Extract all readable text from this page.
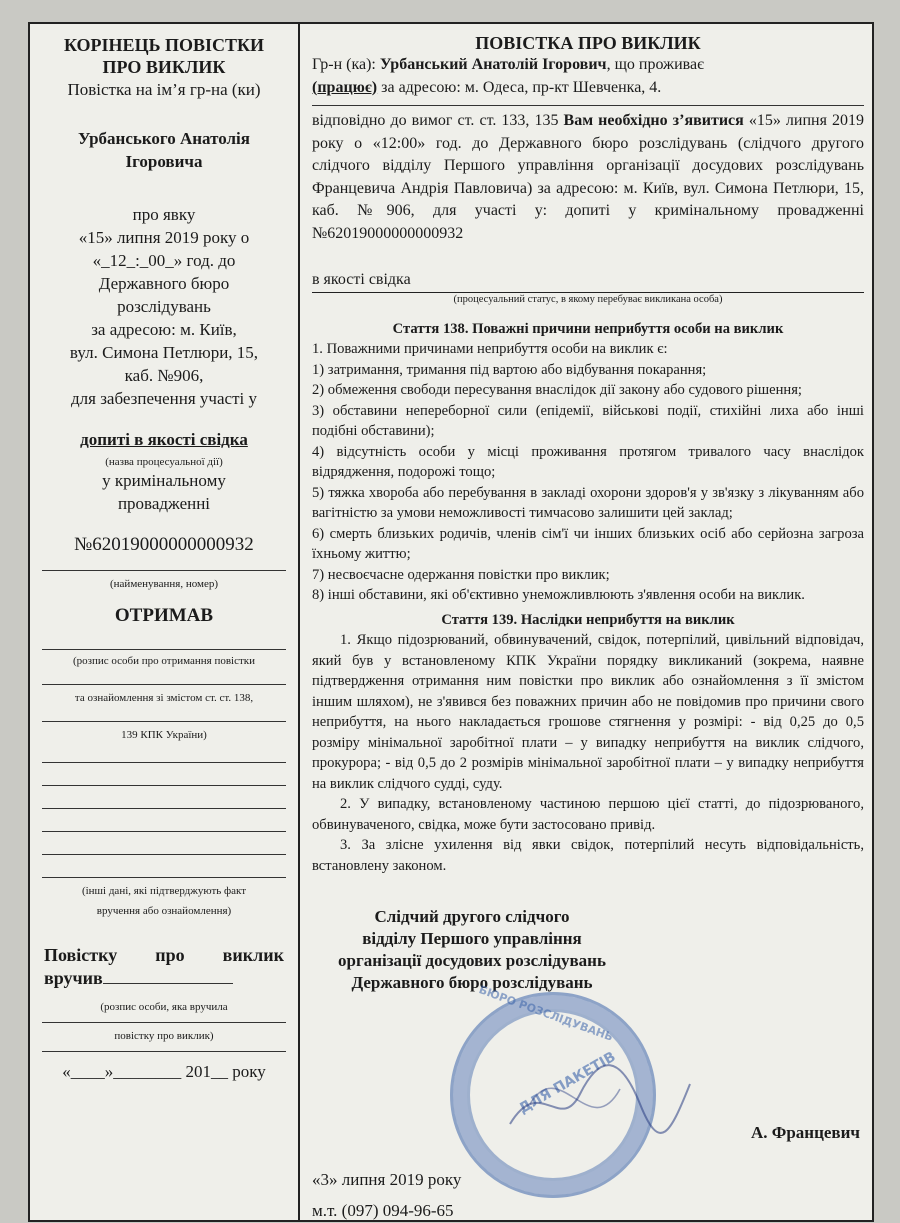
КОРІНЕЦЬ ПОВІСТКИ
ПРО ВИКЛИК
Повістка на ім’я гр-на (ки)
Урбанського Анатолія
Ігоровича
про явку
«15» липня 2019 року о
«_12_:_00_» год. до
Державного бюро
розслідувань
за адресою: м. Київ,
вул. Симона Петлюри, 15,
каб. №906,
для забезпечення участі у
допиті в якості свідка
(назва процесуальної дії)
у кримінальному
провадженні
№62019000000000932
(найменування, номер)
ОТРИМАВ
(розпис особи про отримання повістки
та ознайомлення зі змістом ст. ст. 138,
139 КПК України)
(інші дані, які підтверджують факт
вручення або ознайомлення)
Повістку про виклик
вручив
(розпис особи, яка вручила
повістку про виклик)
«____»________ 201__ року
ПОВІСТКА ПРО ВИКЛИК

Гр-н (ка): Урбанський Анатолій Ігорович, що проживає

(працює) за адресою: м. Одеса, пр-кт Шевченка, 4.

відповідно до вимог ст. ст. 133, 135 Вам необхідно з’явитися «15» липня 2019 року о «12:00» год. до Державного бюро розслідувань (слідчого другого слідчого відділу Першого управління організації досудових розслідувань Францевича Андрія Павловича) за адресою: м. Київ, вул. Симона Петлюри, 15, каб. №906, для участі у: допиті у кримінальному провадженні №62019000000000932

в якості свідка

(процесуальний статус, в якому перебуває викликана особа)
Стаття 138. Поважні причини неприбуття особи на виклик

1. Поважними причинами неприбуття особи на виклик є:

1) затримання, тримання під вартою або відбування покарання;

2) обмеження свободи пересування внаслідок дії закону або судового рішення;

3) обставини непереборної сили (епідемії, військові події, стихійні лиха або інші подібні обставини);

4) відсутність особи у місці проживання протягом тривалого часу внаслідок відрядження, подорожі тощо;

5) тяжка хвороба або перебування в закладі охорони здоров'я у зв'язку з лікуванням або вагітністю за умови неможливості тимчасово залишити цей заклад;

6) смерть близьких родичів, членів сім'ї чи інших близьких осіб або серйозна загроза їхньому життю;

7) несвоєчасне одержання повістки про виклик;

8) інші обставини, які об'єктивно унеможливлюють з'явлення особи на виклик.

Стаття 139. Наслідки неприбуття на виклик

1. Якщо підозрюваний, обвинувачений, свідок, потерпілий, цивільний відповідач, який був у встановленому КПК України порядку викликаний (зокрема, наявне підтвердження отримання ним повістки про виклик або ознайомлення з її змістом іншим шляхом), не з'явився без поважних причин або не повідомив про причини свого неприбуття, на нього накладається грошове стягнення у розмірі: - від 0,25 до 0,5 розміру мінімальної заробітної плати – у випадку неприбуття на виклик слідчого, прокурора; - від 0,5 до 2 розмірів мінімальної заробітної плати – у випадку неприбуття на виклик слідчого судді, суду.

2. У випадку, встановленому частиною першою цієї статті, до підозрюваного, обвинуваченого, свідка, може бути застосовано привід.

3. За злісне ухилення від явки свідок, потерпілий несуть відповідальність, встановлену законом.

Слідчий другого слідчого
відділу Першого управління
організації досудових розслідувань
Державного бюро розслідувань
А. Францевич
«3» липня 2019 року
м.т. (097) 094-96-65
БЮРО РОЗСЛІДУВАНЬ
ДЛЯ ПАКЕТІВ
